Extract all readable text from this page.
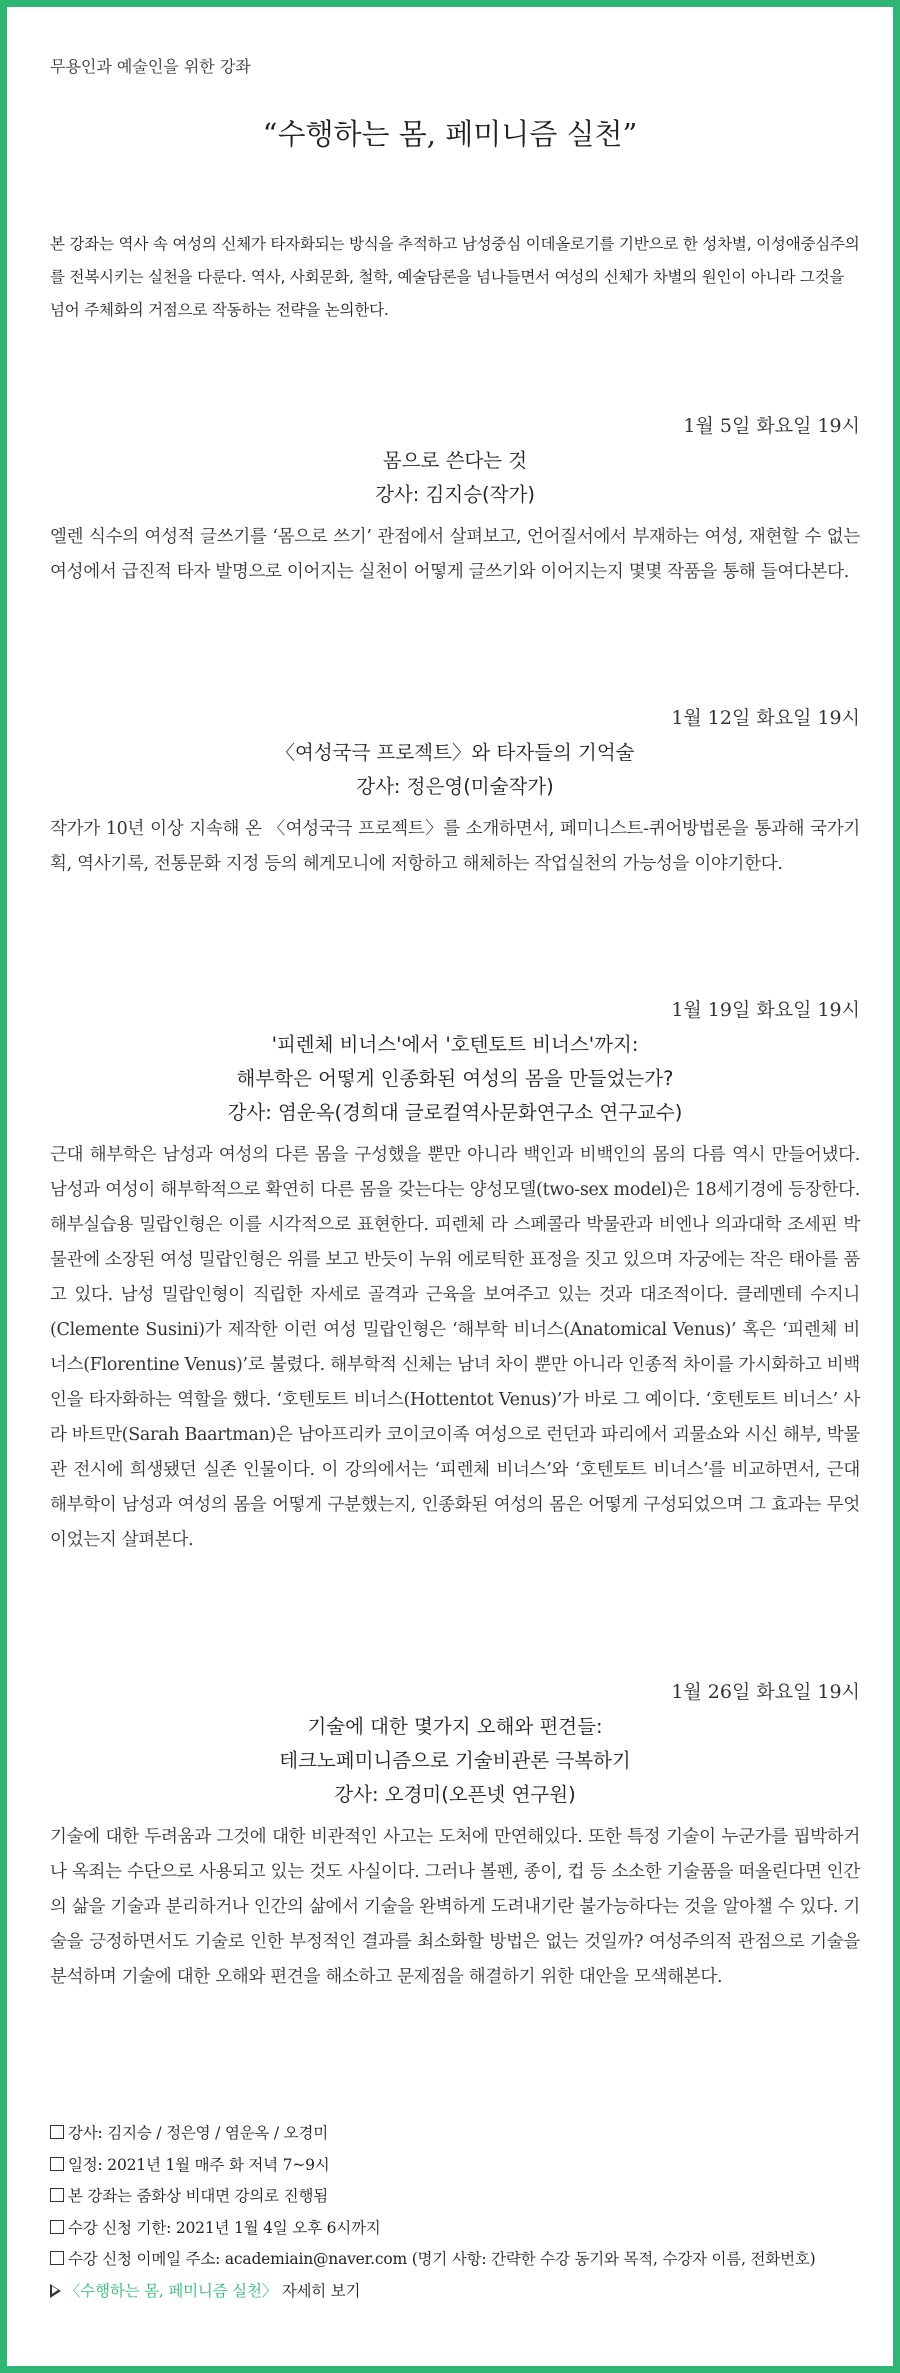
무용인과 예술인을 위한 강좌
“수행하는 몸, 페미니즘 실천”
본 강좌는 역사 속 여성의 신체가 타자화되는 방식을 추적하고 남성중심 이데올로기를 기반으로 한 성차별, 이성애중심주의를 전복시키는 실천을 다룬다. 역사, 사회문화, 철학, 예술담론을 넘나들면서 여성의 신체가 차별의 원인이 아니라 그것을 넘어 주체화의 거점으로 작동하는 전략을 논의한다.
1월 5일 화요일 19시
몸으로 쓴다는 것
강사: 김지승(작가)
엘렌 식수의 여성적 글쓰기를 ‘몸으로 쓰기’ 관점에서 살펴보고, 언어질서에서 부재하는 여성, 재현할 수 없는 여성에서 급진적 타자 발명으로 이어지는 실천이 어떻게 글쓰기와 이어지는지 몇몇 작품을 통해 들여다본다.
1월 12일 화요일 19시
〈여성국극 프로젝트〉와 타자들의 기억술
강사: 정은영(미술작가)
작가가 10년 이상 지속해 온 〈여성국극 프로젝트〉를 소개하면서, 페미니스트-퀴어방법론을 통과해 국가기획, 역사기록, 전통문화 지정 등의 헤게모니에 저항하고 해체하는 작업실천의 가능성을 이야기한다.
1월 19일 화요일 19시
'피렌체 비너스'에서 '호텐토트 비너스'까지:
해부학은 어떻게 인종화된 여성의 몸을 만들었는가?
강사: 염운옥(경희대 글로컬역사문화연구소 연구교수)
근대 해부학은 남성과 여성의 다른 몸을 구성했을 뿐만 아니라 백인과 비백인의 몸의 다름 역시 만들어냈다. 남성과 여성이 해부학적으로 확연히 다른 몸을 갖는다는 양성모델(two-sex model)은 18세기경에 등장한다. 해부실습용 밀랍인형은 이를 시각적으로 표현한다. 피렌체 라 스페콜라 박물관과 비엔나 의과대학 조세핀 박물관에 소장된 여성 밀랍인형은 위를 보고 반듯이 누워 에로틱한 표정을 짓고 있으며 자궁에는 작은 태아를 품고 있다. 남성 밀랍인형이 직립한 자세로 골격과 근육을 보여주고 있는 것과 대조적이다. 클레멘테 수지니(Clemente Susini)가 제작한 이런 여성 밀랍인형은 ‘해부학 비너스(Anatomical Venus)’ 혹은 ‘피렌체 비너스(Florentine Venus)’로 불렸다. 해부학적 신체는 남녀 차이 뿐만 아니라 인종적 차이를 가시화하고 비백인을 타자화하는 역할을 했다. ‘호텐토트 비너스(Hottentot Venus)’가 바로 그 예이다. ‘호텐토트 비너스’ 사라 바트만(Sarah Baartman)은 남아프리카 코이코이족 여성으로 런던과 파리에서 괴물쇼와 시신 해부, 박물관 전시에 희생됐던 실존 인물이다. 이 강의에서는 ‘피렌체 비너스’와 ‘호텐토트 비너스’를 비교하면서, 근대 해부학이 남성과 여성의 몸을 어떻게 구분했는지, 인종화된 여성의 몸은 어떻게 구성되었으며 그 효과는 무엇이었는지 살펴본다.
1월 26일 화요일 19시
기술에 대한 몇가지 오해와 편견들:
테크노페미니즘으로 기술비관론 극복하기
강사: 오경미(오픈넷 연구원)
기술에 대한 두려움과 그것에 대한 비관적인 사고는 도처에 만연해있다. 또한 특정 기술이 누군가를 핍박하거나 옥죄는 수단으로 사용되고 있는 것도 사실이다. 그러나 볼펜, 종이, 컵 등 소소한 기술품을 떠올린다면 인간의 삶을 기술과 분리하거나 인간의 삶에서 기술을 완벽하게 도려내기란 불가능하다는 것을 알아챌 수 있다. 기술을 긍정하면서도 기술로 인한 부정적인 결과를 최소화할 방법은 없는 것일까? 여성주의적 관점으로 기술을 분석하며 기술에 대한 오해와 편견을 해소하고 문제점을 해결하기 위한 대안을 모색해본다.
강사: 김지승 / 정은영 / 염운옥 / 오경미
일정: 2021년 1월 매주 화 저녁 7~9시
본 강좌는 줌화상 비대면 강의로 진행됨
수강 신청 기한: 2021년 1월 4일 오후 6시까지
수강 신청 이메일 주소: academiain@naver.com (명기 사항: 간략한 수강 동기와 목적, 수강자 이름, 전화번호)
〈수행하는 몸, 페미니즘 실천〉 자세히 보기
